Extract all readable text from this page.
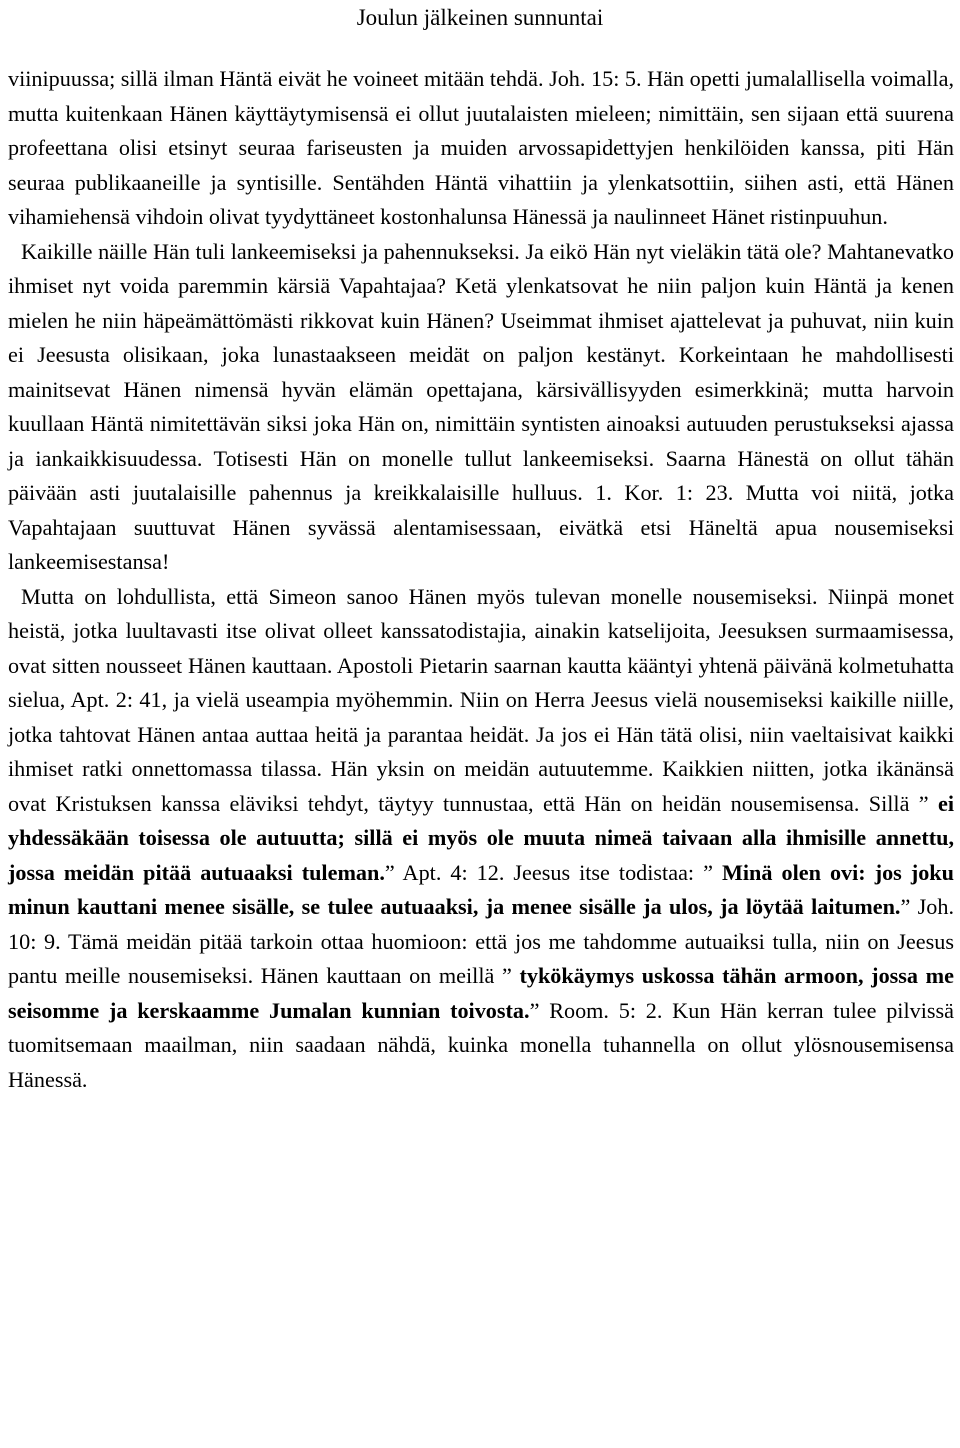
Joulun jälkeinen sunnuntai

viinipuussa; sillä ilman Häntä eivät he voineet mitään tehdä. Joh. 15: 5. Hän opetti jumalallisella voimalla, mutta kuitenkaan Hänen käyttäytymisensä ei ollut juutalaisten mieleen; nimittäin, sen sijaan että suurena profeettana olisi etsinyt seuraa fariseusten ja muiden arvossapidettyjen henkilöiden kanssa, piti Hän seuraa publikaaneille ja syntisille. Sentähden Häntä vihattiin ja ylenkatsottiin, siihen asti, että Hänen vihamiehensä vihdoin olivat tyydyttäneet kostonhalunsa Hänessä ja naulinneet Hänet ristinpuuhun.

Kaikille näille Hän tuli lankeemiseksi ja pahennukseksi. Ja eikö Hän nyt vieläkin tätä ole? Mahtanevatko ihmiset nyt voida paremmin kärsiä Vapahtajaa? Ketä ylenkatsovat he niin paljon kuin Häntä ja kenen mielen he niin häpeämättömästi rikkovat kuin Hänen? Useimmat ihmiset ajattelevat ja puhuvat, niin kuin ei Jeesusta olisikaan, joka lunastaakseen meidät on paljon kestänyt. Korkeintaan he mahdollisesti mainitsevat Hänen nimensä hyvän elämän opettajana, kärsivällisyyden esimerkkinä; mutta harvoin kuullaan Häntä nimitettävän siksi joka Hän on, nimittäin syntisten ainoaksi autuuden perustukseksi ajassa ja iankaikkisuudessa. Totisesti Hän on monelle tullut lankeemiseksi. Saarna Hänestä on ollut tähän päivään asti juutalaisille pahennus ja kreikkalaisille hulluus. 1. Kor. 1: 23. Mutta voi niitä, jotka Vapahtajaan suuttuvat Hänen syvässä alentamisessaan, eivätkä etsi Häneltä apua nousemiseksi lankeemisestansa!

Mutta on lohdullista, että Simeon sanoo Hänen myös tulevan monelle nousemiseksi. Niinpä monet heistä, jotka luultavasti itse olivat olleet kanssatodistajia, ainakin katselijoita, Jeesuksen surmaamisessa, ovat sitten nousseet Hänen kauttaan. Apostoli Pietarin saarnan kautta kääntyi yhtenä päivänä kolmetuhatta sielua, Apt. 2: 41, ja vielä useampia myöhemmin. Niin on Herra Jeesus vielä nousemiseksi kaikille niille, jotka tahtovat Hänen antaa auttaa heitä ja parantaa heidät. Ja jos ei Hän tätä olisi, niin vaeltaisivat kaikki ihmiset ratki onnettomassa tilassa. Hän yksin on meidän autuutemme. Kaikkien niitten, jotka ikänänsä ovat Kristuksen kanssa eläviksi tehdyt, täytyy tunnustaa, että Hän on heidän nousemisensa. Sillä ” ei yhdessäkään toisessa ole autuutta; sillä ei myös ole muuta nimeä taivaan alla ihmisille annettu, jossa meidän pitää autuaaksi tuleman.” Apt. 4: 12. Jeesus itse todistaa: ” Minä olen ovi: jos joku minun kauttani menee sisälle, se tulee autuaaksi, ja menee sisälle ja ulos, ja löytää laitumen.” Joh. 10: 9. Tämä meidän pitää tarkoin ottaa huomioon: että jos me tahdomme autuaiksi tulla, niin on Jeesus pantu meille nousemiseksi. Hänen kauttaan on meillä ” tykökäymys uskossa tähän armoon, jossa me seisomme ja kerskaamme Jumalan kunnian toivosta.” Room. 5: 2. Kun Hän kerran tulee pilvissä tuomitsemaan maailman, niin saadaan nähdä, kuinka monella tuhannella on ollut ylösnousemisensa Hänessä.
